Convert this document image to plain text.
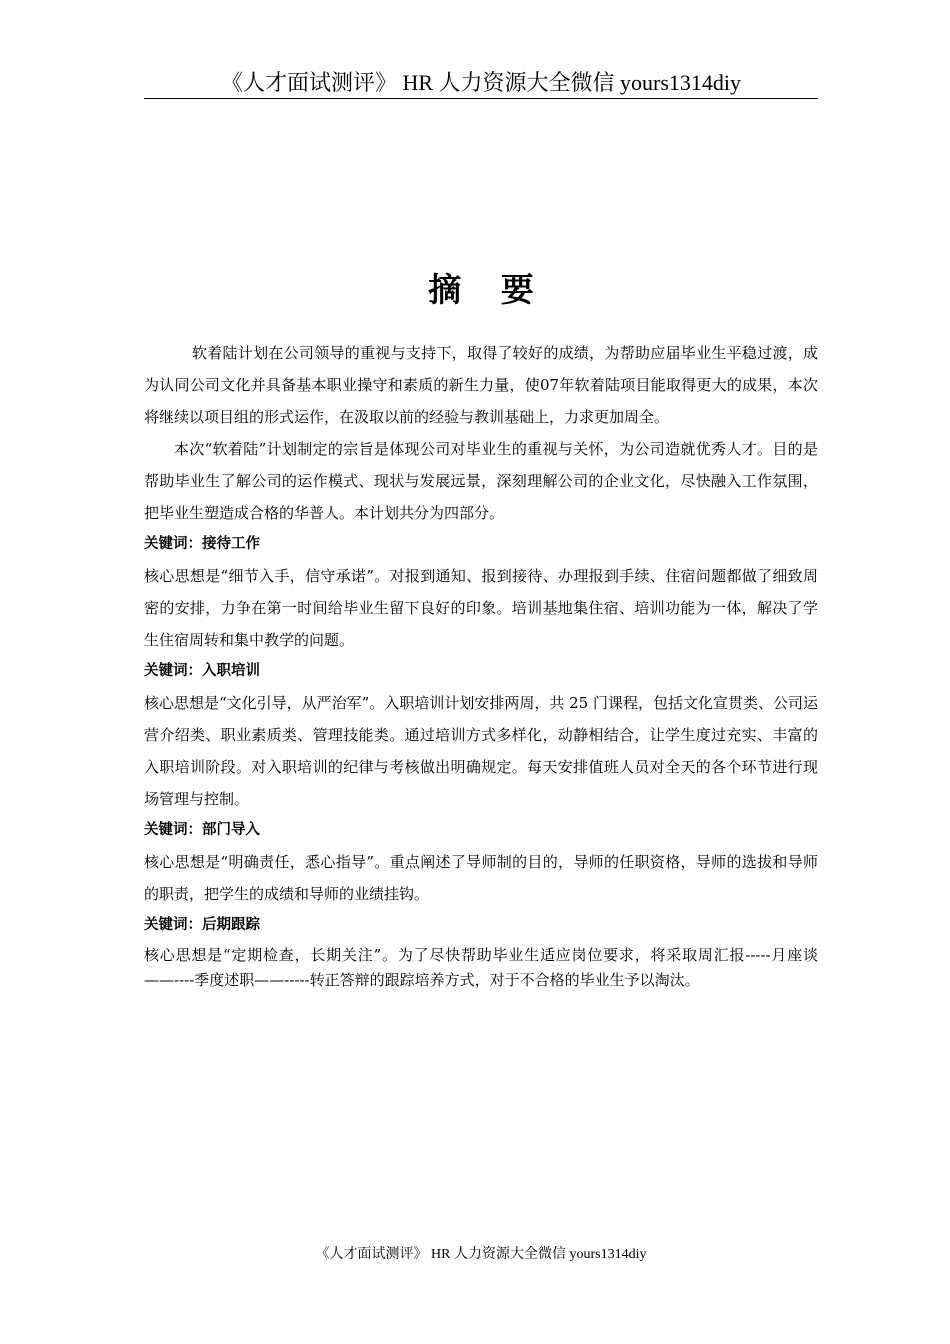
《人才面试测评》 HR 人力资源大全微信 yours1314diy
摘 要

软着陆计划在公司领导的重视与支持下，取得了较好的成绩，为帮助应届毕业生平稳过渡，成为认同公司文化并具备基本职业操守和素质的新生力量，使07年软着陆项目能取得更大的成果，本次将继续以项目组的形式运作，在汲取以前的经验与教训基础上，力求更加周全。

本次“软着陆”计划制定的宗旨是体现公司对毕业生的重视与关怀，为公司造就优秀人才。目的是帮助毕业生了解公司的运作模式、现状与发展远景，深刻理解公司的企业文化，尽快融入工作氛围，把毕业生塑造成合格的华普人。本计划共分为四部分。

关键词：接待工作

核心思想是“细节入手，信守承诺”。对报到通知、报到接待、办理报到手续、住宿问题都做了细致周密的安排，力争在第一时间给毕业生留下良好的印象。培训基地集住宿、培训功能为一体，解决了学生住宿周转和集中教学的问题。

关键词：入职培训

核心思想是“文化引导，从严治军”。入职培训计划安排两周，共 25 门课程，包括文化宣贯类、公司运营介绍类、职业素质类、管理技能类。通过培训方式多样化，动静相结合，让学生度过充实、丰富的入职培训阶段。对入职培训的纪律与考核做出明确规定。每天安排值班人员对全天的各个环节进行现场管理与控制。

关键词：部门导入

核心思想是“明确责任，悉心指导”。重点阐述了导师制的目的，导师的任职资格，导师的选拔和导师的职责，把学生的成绩和导师的业绩挂钩。

关键词：后期跟踪

核心思想是“定期检查，长期关注”。为了尽快帮助毕业生适应岗位要求，将采取周汇报-----月座谈——----季度述职——-----转正答辩的跟踪培养方式，对于不合格的毕业生予以淘汰。

《人才面试测评》 HR 人力资源大全微信 yours1314diy
